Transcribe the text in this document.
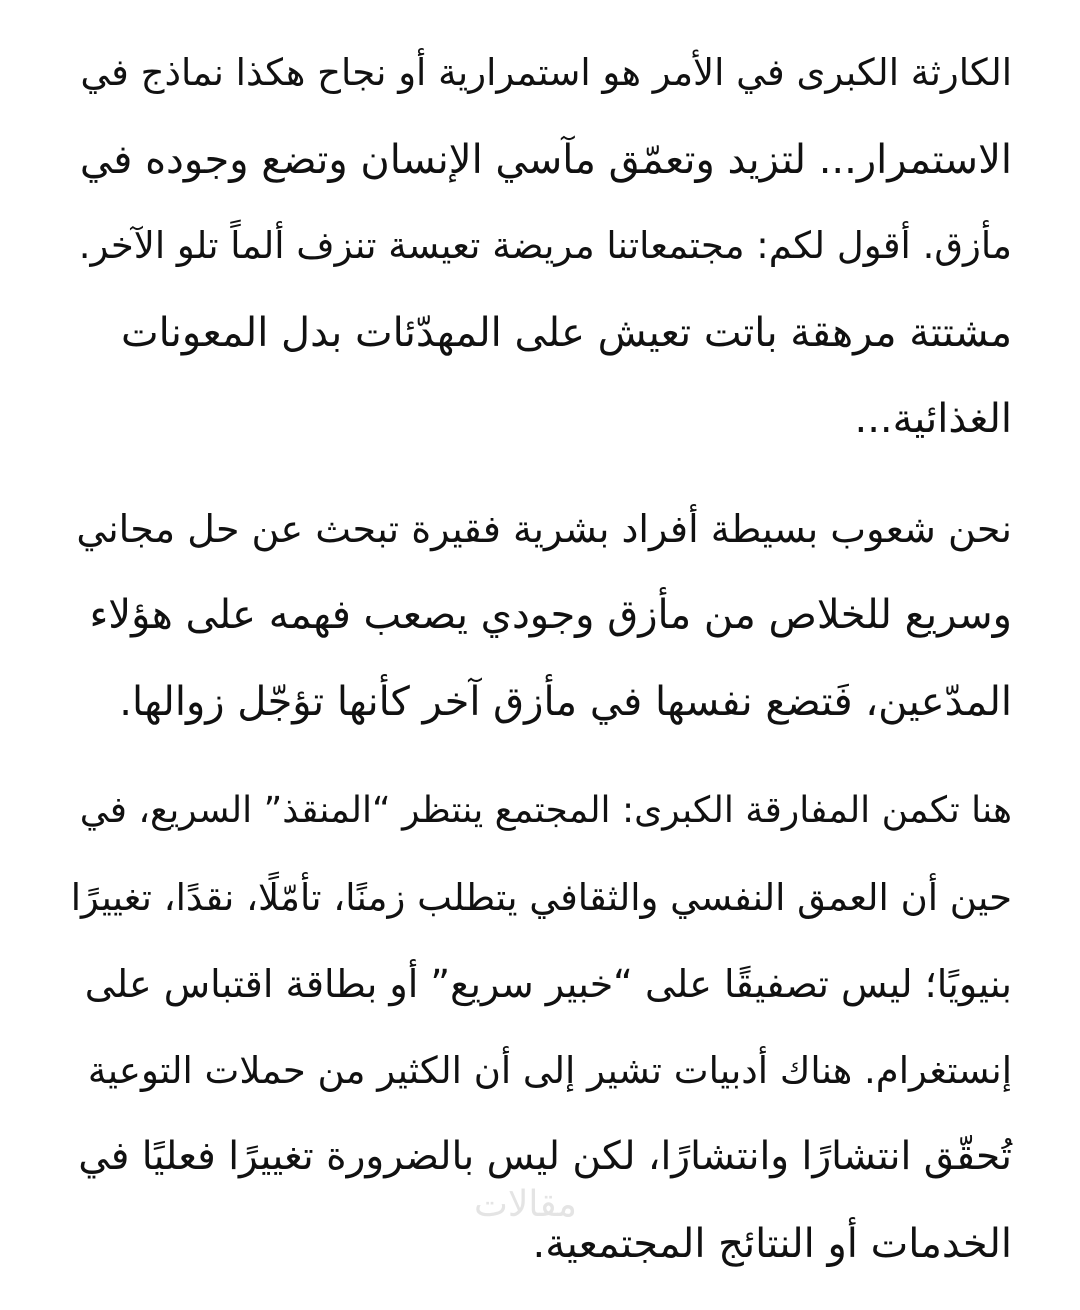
الكارثة الكبرى في الأمر هو استمرارية أو نجاح هكذا نماذج في
الاستمرار... لتزيد وتعمّق مآسي الإنسان وتضع وجوده في
مأزق. أقول لكم: مجتمعاتنا مريضة تعيسة تنزف ألماً تلو الآخر.
مشتتة مرهقة باتت تعيش على المهدّئات بدل المعونات
الغذائية...

نحن شعوب بسيطة أفراد بشرية فقيرة تبحث عن حل مجاني
وسريع للخلاص من مأزق وجودي يصعب فهمه على هؤلاء
المدّعين، فَتضع نفسها في مأزق آخر كأنها تؤجّل زوالها.

هنا تكمن المفارقة الكبرى: المجتمع ينتظر “المنقذ” السريع، في
حين أن العمق النفسي والثقافي يتطلب زمنًا، تأمّلًا، نقدًا، تغييرًا
بنيويًا؛ ليس تصفيقًا على “خبير سريع” أو بطاقة اقتباس على
إنستغرام. هناك أدبيات تشير إلى أن الكثير من حملات التوعية
تُحقّق انتشارًا وانتشارًا، لكن ليس بالضرورة تغييرًا فعليًا في
الخدمات أو النتائج المجتمعية.

مقالات
